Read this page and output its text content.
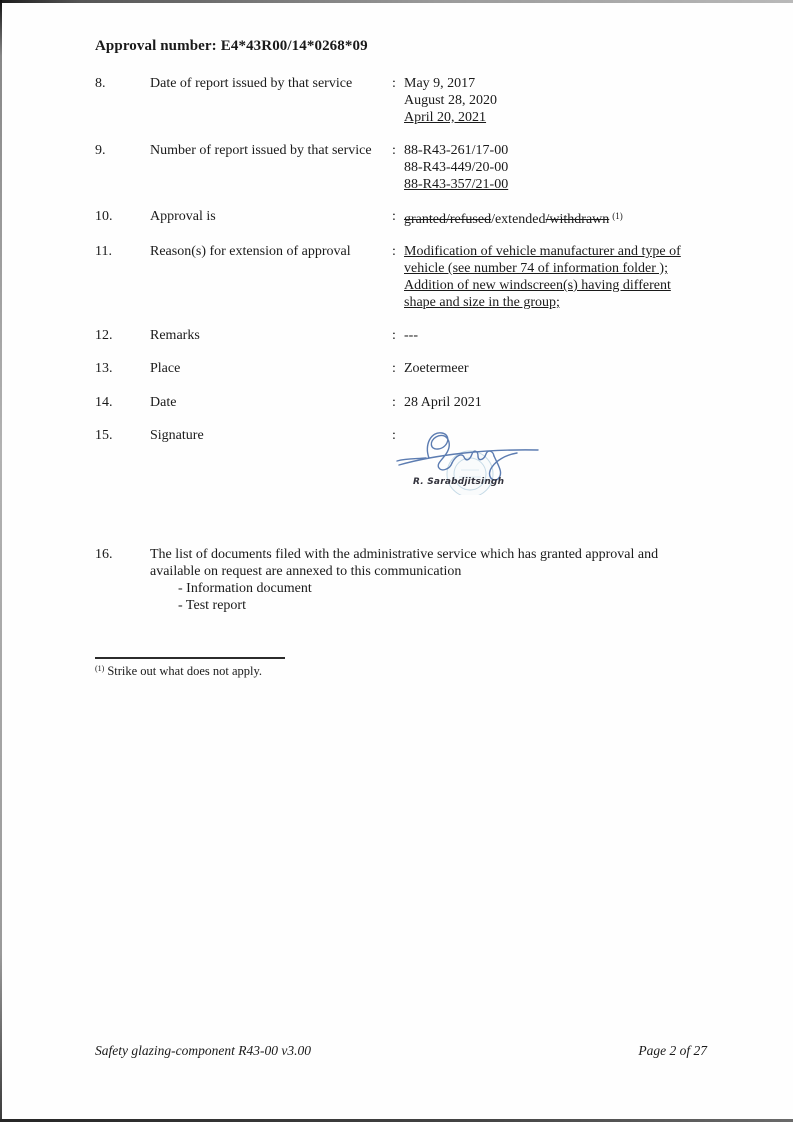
Approval number: E4*43R00/14*0268*09
8.	Date of report issued by that service	: May 9, 2017
August 28, 2020
April 20, 2021
9.	Number of report issued by that service	: 88-R43-261/17-00
88-R43-449/20-00
88-R43-357/21-00
10.	Approval is	: granted/refused/extended/withdrawn $^{(1)}$
11.	Reason(s) for extension of approval	: Modification of vehicle manufacturer and type of
vehicle (see number 74 of information folder );
Addition of new windscreen(s) having different
shape and size in the group;
12.	Remarks	: ---
13.	Place	: Zoetermeer
14.	Date	: 28 April 2021
15.	Signature	:
R. Sarabdjitsingh
16.	The list of documents filed with the administrative service which has granted approval and available on request are annexed to this communication
- Information document
- Test report
$^{(1)}$ Strike out what does not apply.
Safety glazing-component R43-00 v3.00	Page 2 of 27
